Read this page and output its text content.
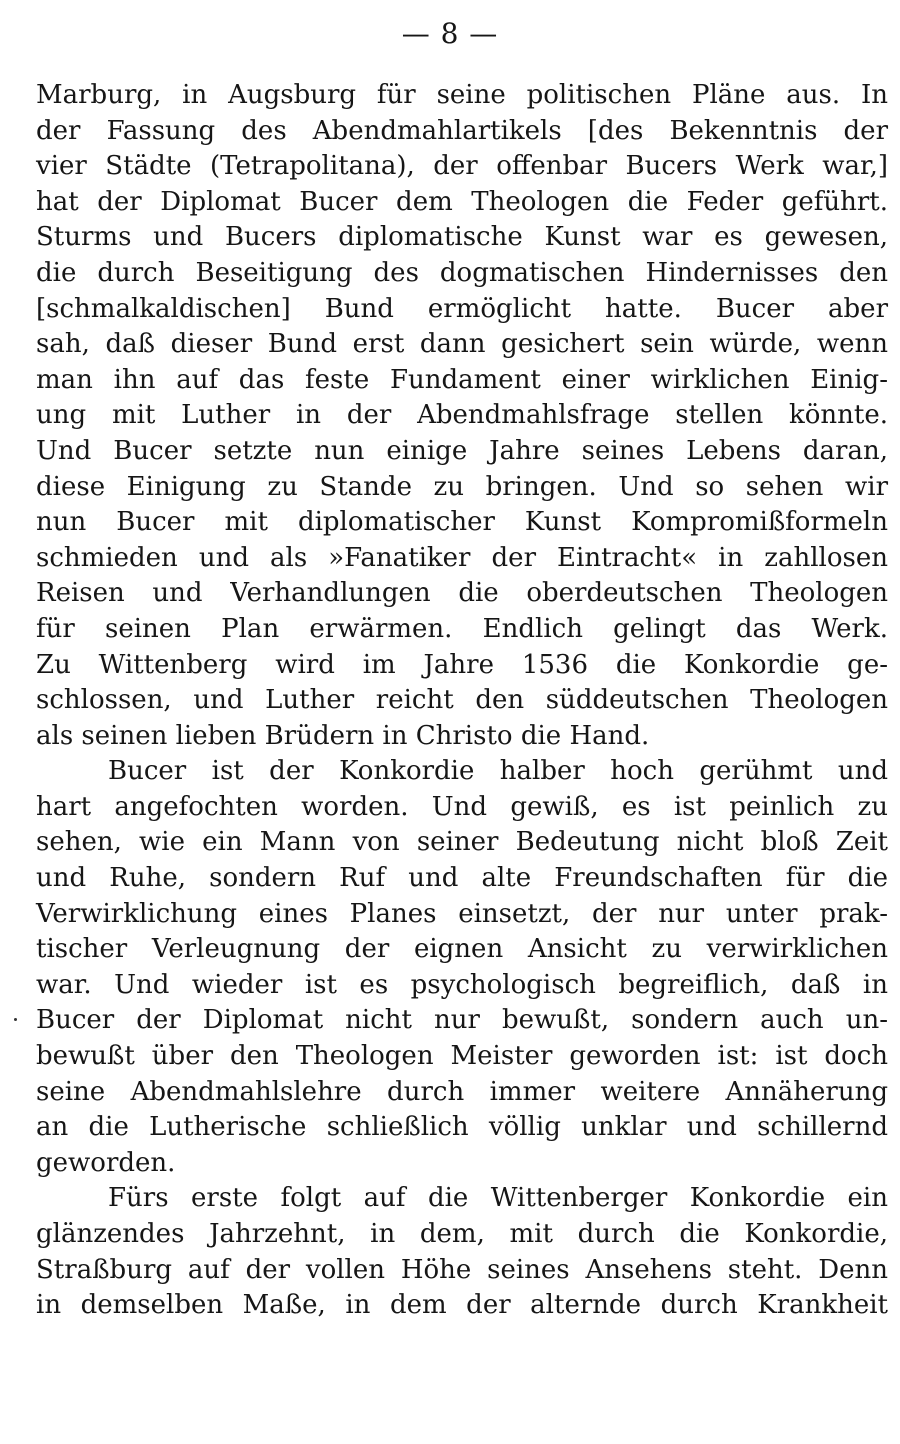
— 8 —
Marburg, in Augsburg für seine politischen Pläne aus. In
der Fassung des Abendmahlartikels [des Bekenntnis der
vier Städte (Tetrapolitana), der offenbar Bucers Werk war,]
hat der Diplomat Bucer dem Theologen die Feder geführt.
Sturms und Bucers diplomatische Kunst war es gewesen,
die durch Beseitigung des dogmatischen Hindernisses den
[schmalkaldischen] Bund ermöglicht hatte. Bucer aber
sah, daß dieser Bund erst dann gesichert sein würde, wenn
man ihn auf das feste Fundament einer wirklichen Einig-
ung mit Luther in der Abendmahlsfrage stellen könnte.
Und Bucer setzte nun einige Jahre seines Lebens daran,
diese Einigung zu Stande zu bringen. Und so sehen wir
nun Bucer mit diplomatischer Kunst Kompromißformeln
schmieden und als »Fanatiker der Eintracht« in zahllosen
Reisen und Verhandlungen die oberdeutschen Theologen
für seinen Plan erwärmen. Endlich gelingt das Werk.
Zu Wittenberg wird im Jahre 1536 die Konkordie ge-
schlossen, und Luther reicht den süddeutschen Theologen
als seinen lieben Brüdern in Christo die Hand.
Bucer ist der Konkordie halber hoch gerühmt und
hart angefochten worden. Und gewiß, es ist peinlich zu
sehen, wie ein Mann von seiner Bedeutung nicht bloß Zeit
und Ruhe, sondern Ruf und alte Freundschaften für die
Verwirklichung eines Planes einsetzt, der nur unter prak-
tischer Verleugnung der eignen Ansicht zu verwirklichen
war. Und wieder ist es psychologisch begreiflich, daß in
Bucer der Diplomat nicht nur bewußt, sondern auch un-
bewußt über den Theologen Meister geworden ist: ist doch
seine Abendmahlslehre durch immer weitere Annäherung
an die Lutherische schließlich völlig unklar und schillernd
geworden.
Fürs erste folgt auf die Wittenberger Konkordie ein
glänzendes Jahrzehnt, in dem, mit durch die Konkordie,
Straßburg auf der vollen Höhe seines Ansehens steht. Denn
in demselben Maße, in dem der alternde durch Krankheit
